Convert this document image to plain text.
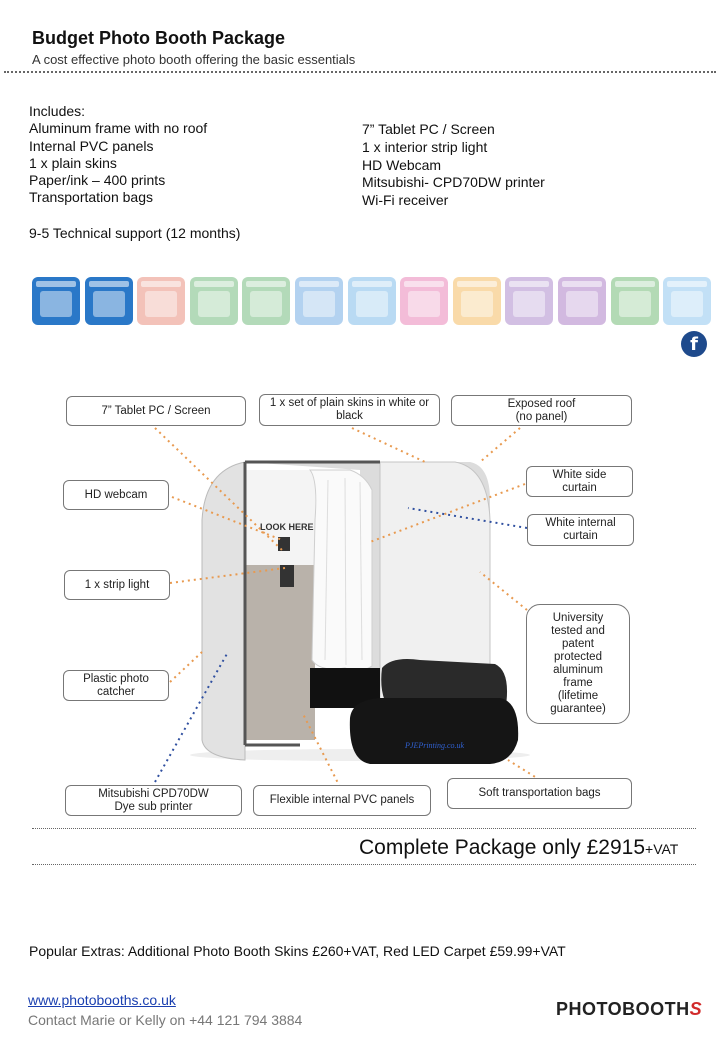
Budget Photo Booth Package
A cost effective photo booth offering the basic essentials
Includes:
Aluminum frame with no roof
Internal PVC panels
1 x plain skins
Paper/ink – 400 prints
Transportation bags
7” Tablet PC / Screen
1 x interior strip light
HD Webcam
Mitsubishi- CPD70DW printer
Wi-Fi receiver
9-5 Technical support (12 months)
f
LOOK HERE
PJEPrinting.co.uk
7” Tablet PC / Screen
1 x set of plain skins in white or black
Exposed roof
(no panel)
HD webcam
White side
curtain
White internal
curtain
1 x strip light
University
tested and
patent
protected
aluminum
frame
(lifetime
guarantee)
Plastic photo
catcher
Mitsubishi CPD70DW
Dye sub printer
Flexible internal PVC panels
Soft transportation bags
Complete Package only £2915+VAT
Popular Extras: Additional Photo Booth Skins £260+VAT, Red LED Carpet £59.99+VAT
www.photobooths.co.uk
Contact Marie or Kelly on +44 121 794 3884
PHOTOBOOTHS
